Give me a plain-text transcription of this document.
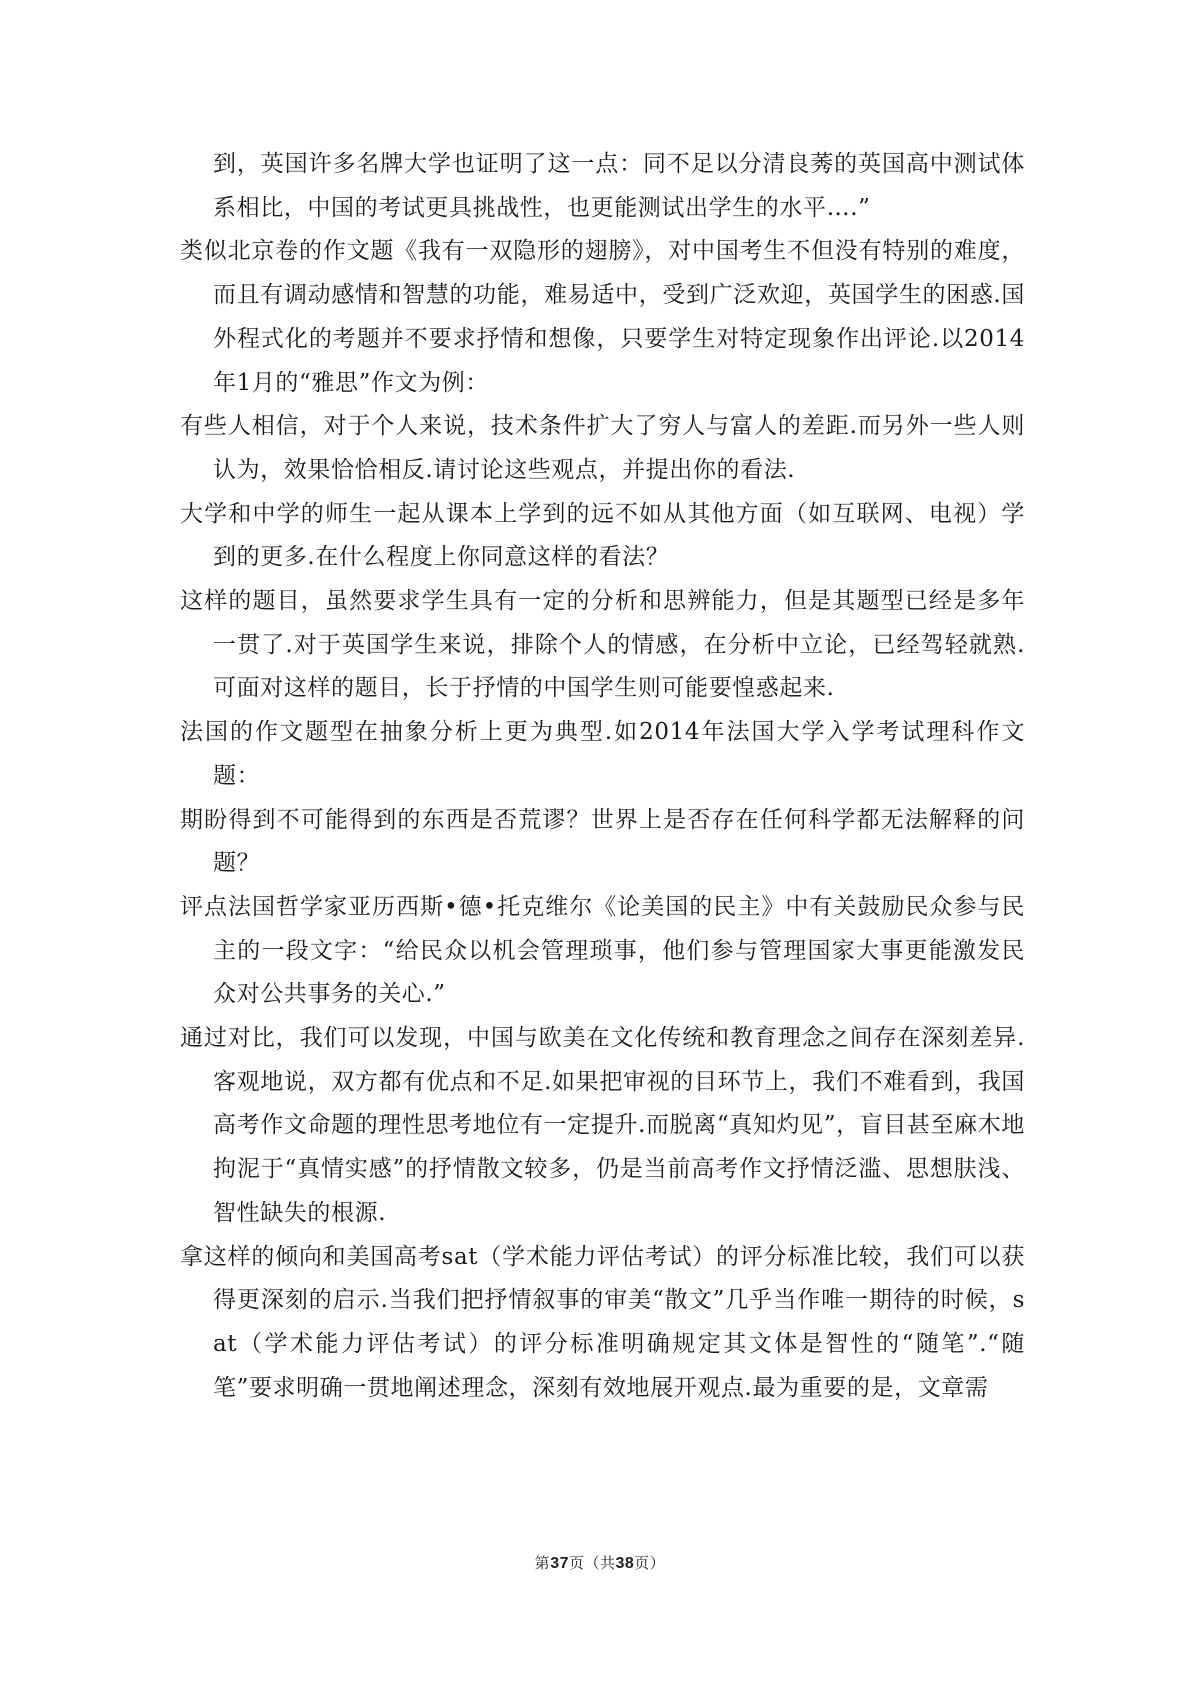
到，英国许多名牌大学也证明了这一点：同不足以分清良莠的英国高中测试体系相比，中国的考试更具挑战性，也更能测试出学生的水平….”

类似北京卷的作文题《我有一双隐形的翅膀》，对中国考生不但没有特别的难度，而且有调动感情和智慧的功能，难易适中，受到广泛欢迎，英国学生的困惑.国外程式化的考题并不要求抒情和想像，只要学生对特定现象作出评论.以2014年1月的“雅思”作文为例：

有些人相信，对于个人来说，技术条件扩大了穷人与富人的差距.而另外一些人则认为，效果恰恰相反.请讨论这些观点，并提出你的看法.

大学和中学的师生一起从课本上学到的远不如从其他方面（如互联网、电视）学到的更多.在什么程度上你同意这样的看法？

这样的题目，虽然要求学生具有一定的分析和思辨能力，但是其题型已经是多年一贯了.对于英国学生来说，排除个人的情感，在分析中立论，已经驾轻就熟.可面对这样的题目，长于抒情的中国学生则可能要惶惑起来.

法国的作文题型在抽象分析上更为典型.如2014年法国大学入学考试理科作文题：

期盼得到不可能得到的东西是否荒谬？世界上是否存在任何科学都无法解释的问题？

评点法国哲学家亚历西斯•德•托克维尔《论美国的民主》中有关鼓励民众参与民主的一段文字：“给民众以机会管理琐事，他们参与管理国家大事更能激发民众对公共事务的关心.”

通过对比，我们可以发现，中国与欧美在文化传统和教育理念之间存在深刻差异.客观地说，双方都有优点和不足.如果把审视的目环节上，我们不难看到，我国高考作文命题的理性思考地位有一定提升.而脱离“真知灼见”，盲目甚至麻木地拘泥于“真情实感”的抒情散文较多，仍是当前高考作文抒情泛滥、思想肤浅、智性缺失的根源.

拿这样的倾向和美国高考sat（学术能力评估考试）的评分标准比较，我们可以获得更深刻的启示.当我们把抒情叙事的审美“散文”几乎当作唯一期待的时候，sat（学术能力评估考试）的评分标准明确规定其文体是智性的“随笔”.“随笔”要求明确一贯地阐述理念，深刻有效地展开观点.最为重要的是，文章需

第37页（共38页）
